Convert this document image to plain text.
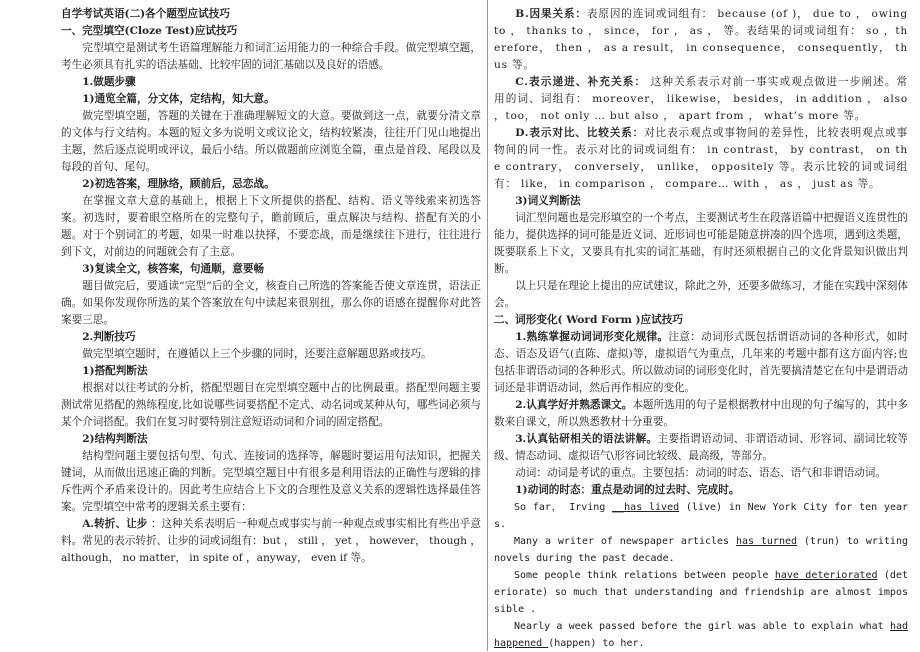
自学考试英语(二)各个题型应试技巧

一、完型填空(Cloze Test)应试技巧

完型填空是测试考生语篇理解能力和词汇运用能力的一种综合手段。做完型填空题，考生必须具有扎实的语法基础、比较牢固的词汇基础以及良好的语感。

1.做题步骤

1)通览全篇，分文体，定结构，知大意。

做完型填空题，答题的关键在于准确理解短文的大意。要做到这一点，就要分清文章的文体与行文结构。本题的短文多为说明文或议论文，结构较紧凑，往往开门见山地提出主题，然后逐点说明或评议，最后小结。所以做题前应浏览全篇，重点是首段、尾段以及每段的首句、尾句。

2)初选答案，理脉络，顾前后，忌恋战。

在掌握文章大意的基础上，根据上下文所提供的搭配、结构、语义等线索来初选答案。初选时，要着眼空格所在的完整句子，瞻前顾后，重点解决与结构、搭配有关的小题。对于个别词汇的考题，如果一时难以抉择，不要恋战，而是继续往下进行，往往进行到下文，对前边的问题就会有了主意。

3)复读全文，核答案，句通顺，意要畅

题目做完后，要通读“完型”后的全文，核查自己所选的答案能否使文章连贯，语法正确。如果你发现你所选的某个答案放在句中读起来很别扭，那么你的语感在提醒你对此答案要三思。

2.判断技巧

做完型填空题时，在遵循以上三个步骤的同时，还要注意解题思路或技巧。

1)搭配判断法

根据对以往考试的分析，搭配型题目在完型填空题中占的比例最重。搭配型问题主要测试常见搭配的熟练程度,比如说哪些词要搭配不定式、动名词或某种从句，哪些词必须与某个介词搭配。我们在复习时要特别注意短语动词和介词的固定搭配。

2)结构判断法

结构型问题主要包括句型、句式、连接词的选择等，解题时要运用句法知识，把握关键词，从而做出迅速正确的判断。完型填空题目中有很多是利用语法的正确性与逻辑的排斥性两个矛盾来设计的。因此考生应结合上下文的合理性及意义关系的逻辑性选择最佳答案。完型填空中常考的逻辑关系主要有：

A.转折、让步 ：这种关系表明后一种观点或事实与前一种观点或事实相比有些出乎意料。常见的表示转折、让步的词或词组有：but ， still ， yet ， however， though ， although， no matter， in spite of ，anyway， even if 等。

B.因果关系：表原因的连词或词组有： because (of )， due to ， owing to ， thanks to ， since， for ， as ， 等。表结果的词或词组有： so ，therefore， then ， as a result， in consequence， consequently， thus 等。

C.表示递进、补充关系： 这种关系表示对前一事实或观点做进一步阐述。常用的词、词组有： moreover， likewise， besides， in addition ， also ，too， not only … but also ， apart from ， what’s more 等。

D.表示对比、比较关系：对比表示观点或事物间的差异性，比较表明观点或事物间的同一性。表示对比的词或词组有： in contrast， by contrast， on the contrary， conversely， unlike， oppositely 等。表示比较的词或词组有： like， in comparison ， compare… with ， as ， just as 等。

3)词义判断法

词汇型问题也是完形填空的一个考点，主要测试考生在段落语篇中把握语义连贯性的能力，提供选择的词可能是近义词、近形词也可能是随意拼凑的四个选项，遇到这类题，既要联系上下文，又要具有扎实的词汇基础，有时还须根据自己的文化背景知识做出判断。

以上只是在理论上提出的应试建议，除此之外，还要多做练习，才能在实践中深刻体会。

二、词形变化( Word Form )应试技巧

1.熟练掌握动词词形变化规律。注意：动词形式既包括谓语动词的各种形式，如时态、语态及语气(直陈、虚拟)等，虚拟语气为重点，几年来的考题中都有这方面内容;也包括非谓语动词的各种形式。所以做动词的词形变化时，首先要搞清楚它在句中是谓语动词还是非谓语动词，然后再作相应的变化。

2.认真学好并熟悉课文。本题所选用的句子是根据教材中出现的句子编写的，其中多数来自课文，所以熟悉教材十分重要。

3.认真钻研相关的语法讲解。主要指谓语动词、非谓语动词、形容词、副词比较等级、情态动词、虚拟语气\形容词比较级、最高级，等部分。

动词：动词是考试的重点。主要包括：动词的时态、语态、语气和非谓语动词。

1)动词的时态：重点是动词的过去时、完成时。

So far， Irving __has lived (live) in New York City for ten years.

Many a writer of newspaper articles has turned (trun) to writing novels during the past decade.

Some people think relations between people have deteriorated (deteriorate) so much that understanding and friendship are almost impossible .

Nearly a week passed before the girl was able to explain what had happened (happen) to her.
